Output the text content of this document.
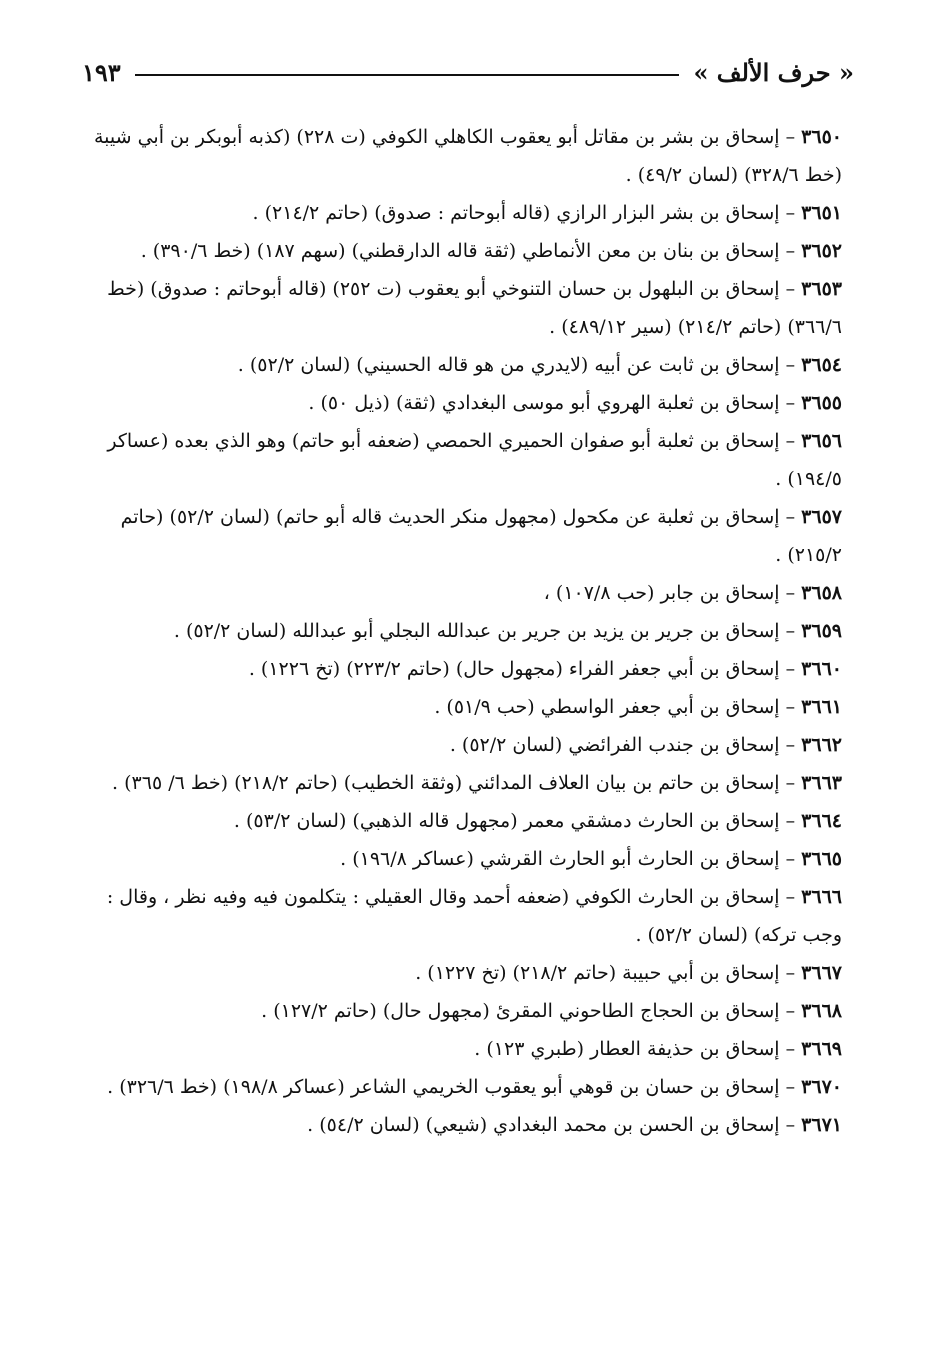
« حرف الألف »
١٩٣
٣٦٥٠ – إسحاق بن بشر بن مقاتل أبو يعقوب الكاهلي الكوفي (ت ٢٢٨) (كذبه أبوبكر بن أبي شيبة (خط ٣٢٨/٦) (لسان ٤٩/٢) .
٣٦٥١ – إسحاق بن بشر البزار الرازي (قاله أبوحاتم : صدوق) (حاتم ٢١٤/٢) .
٣٦٥٢ – إسحاق بن بنان بن معن الأنماطي (ثقة قاله الدارقطني) (سهم ١٨٧) (خط ٣٩٠/٦) .
٣٦٥٣ – إسحاق بن البلهول بن حسان التنوخي أبو يعقوب (ت ٢٥٢) (قاله أبوحاتم : صدوق) (خط ٣٦٦/٦) (حاتم ٢١٤/٢) (سير ٤٨٩/١٢) .
٣٦٥٤ – إسحاق بن ثابت عن أبيه (لايدري من هو قاله الحسيني) (لسان ٥٢/٢) .
٣٦٥٥ – إسحاق بن ثعلبة الهروي أبو موسى البغدادي (ثقة) (ذيل ٥٠) .
٣٦٥٦ – إسحاق بن ثعلبة أبو صفوان الحميري الحمصي (ضعفه أبو حاتم) وهو الذي بعده (عساكر ١٩٤/٥) .
٣٦٥٧ – إسحاق بن ثعلبة عن مكحول (مجهول منكر الحديث قاله أبو حاتم) (لسان ٥٢/٢) (حاتم ٢١٥/٢) .
٣٦٥٨ – إسحاق بن جابر (حب ١٠٧/٨) ،
٣٦٥٩ – إسحاق بن جرير بن يزيد بن جرير بن عبدالله البجلي أبو عبدالله (لسان ٥٢/٢) .
٣٦٦٠ – إسحاق بن أبي جعفر الفراء (مجهول حال) (حاتم ٢٢٣/٢) (تخ ١٢٢٦) .
٣٦٦١ – إسحاق بن أبي جعفر الواسطي (حب ٥١/٩) .
٣٦٦٢ – إسحاق بن جندب الفرائضي (لسان ٥٢/٢) .
٣٦٦٣ – إسحاق بن حاتم بن بيان العلاف المدائني (وثقة الخطيب) (حاتم ٢١٨/٢) (خط ٦/ ٣٦٥) .
٣٦٦٤ – إسحاق بن الحارث دمشقي معمر (مجهول قاله الذهبي) (لسان ٥٣/٢) .
٣٦٦٥ – إسحاق بن الحارث أبو الحارث القرشي (عساكر ١٩٦/٨) .
٣٦٦٦ – إسحاق بن الحارث الكوفي (ضعفه أحمد وقال العقيلي : يتكلمون فيه وفيه نظر ، وقال : وجب تركه) (لسان ٥٢/٢) .
٣٦٦٧ – إسحاق بن أبي حبيبة (حاتم ٢١٨/٢) (تخ ١٢٢٧) .
٣٦٦٨ – إسحاق بن الحجاج الطاحوني المقرئ (مجهول حال) (حاتم ١٢٧/٢) .
٣٦٦٩ – إسحاق بن حذيفة العطار (طبري ١٢٣) .
٣٦٧٠ – إسحاق بن حسان بن قوهي أبو يعقوب الخريمي الشاعر (عساكر ١٩٨/٨) (خط ٣٢٦/٦) .
٣٦٧١ – إسحاق بن الحسن بن محمد البغدادي (شيعي) (لسان ٥٤/٢) .
